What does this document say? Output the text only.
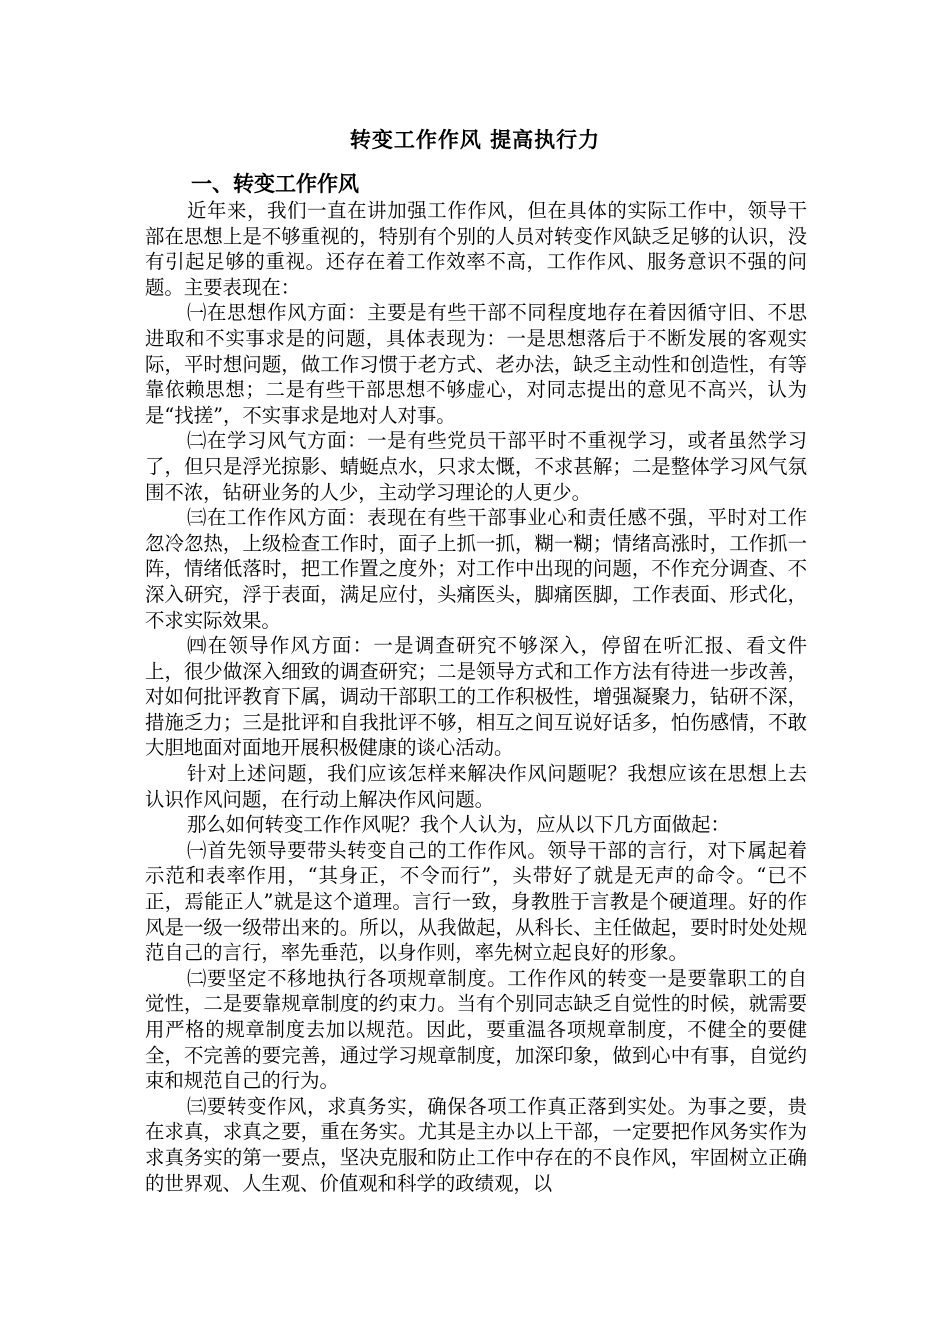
转变工作作风 提高执行力

一、转变工作作风

近年来，我们一直在讲加强工作作风，但在具体的实际工作中，领导干部在思想上是不够重视的，特别有个别的人员对转变作风缺乏足够的认识，没有引起足够的重视。还存在着工作效率不高，工作作风、服务意识不强的问题。主要表现在：

㈠在思想作风方面：主要是有些干部不同程度地存在着因循守旧、不思进取和不实事求是的问题，具体表现为：一是思想落后于不断发展的客观实际，平时想问题，做工作习惯于老方式、老办法，缺乏主动性和创造性，有等靠依赖思想；二是有些干部思想不够虚心，对同志提出的意见不高兴，认为是“找搓”，不实事求是地对人对事。

㈡在学习风气方面：一是有些党员干部平时不重视学习，或者虽然学习了，但只是浮光掠影、蜻蜓点水，只求太慨，不求甚解；二是整体学习风气氛围不浓，钻研业务的人少，主动学习理论的人更少。

㈢在工作作风方面：表现在有些干部事业心和责任感不强，平时对工作忽冷忽热，上级检查工作时，面子上抓一抓，糊一糊；情绪高涨时，工作抓一阵，情绪低落时，把工作置之度外；对工作中出现的问题，不作充分调查、不深入研究，浮于表面，满足应付，头痛医头，脚痛医脚，工作表面、形式化，不求实际效果。

㈣在领导作风方面：一是调查研究不够深入，停留在听汇报、看文件上，很少做深入细致的调查研究；二是领导方式和工作方法有待进一步改善，对如何批评教育下属，调动干部职工的工作积极性，增强凝聚力，钻研不深，措施乏力；三是批评和自我批评不够，相互之间互说好话多，怕伤感情，不敢大胆地面对面地开展积极健康的谈心活动。

针对上述问题，我们应该怎样来解决作风问题呢？我想应该在思想上去认识作风问题，在行动上解决作风问题。

那么如何转变工作作风呢？我个人认为，应从以下几方面做起：

㈠首先领导要带头转变自己的工作作风。领导干部的言行，对下属起着示范和表率作用，“其身正，不令而行”，头带好了就是无声的命令。“已不正，焉能正人”就是这个道理。言行一致，身教胜于言教是个硬道理。好的作风是一级一级带出来的。所以，从我做起，从科长、主任做起，要时时处处规范自己的言行，率先垂范，以身作则，率先树立起良好的形象。

㈡要坚定不移地执行各项规章制度。工作作风的转变一是要靠职工的自觉性，二是要靠规章制度的约束力。当有个别同志缺乏自觉性的时候，就需要用严格的规章制度去加以规范。因此，要重温各项规章制度，不健全的要健全，不完善的要完善，通过学习规章制度，加深印象，做到心中有事，自觉约束和规范自己的行为。

㈢要转变作风，求真务实，确保各项工作真正落到实处。为事之要，贵在求真，求真之要，重在务实。尤其是主办以上干部，一定要把作风务实作为求真务实的第一要点，坚决克服和防止工作中存在的不良作风，牢固树立正确的世界观、人生观、价值观和科学的政绩观，以
